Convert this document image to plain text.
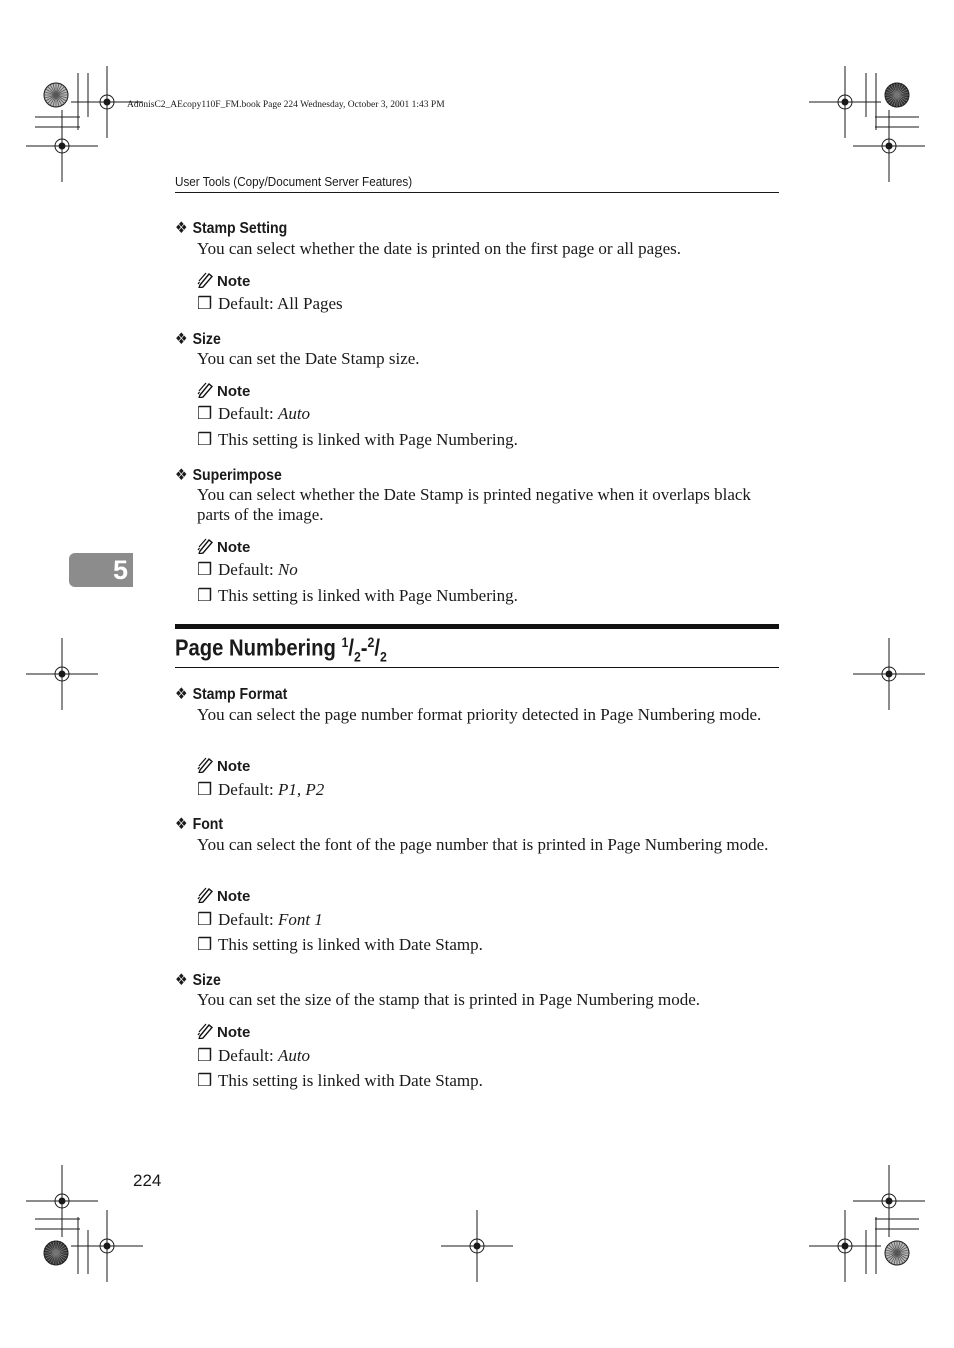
AdonisC2_AEcopy110F_FM.book Page 224 Wednesday, October 3, 2001 1:43 PM
User Tools (Copy/Document Server Features)
5
❖ Stamp Setting
You can select whether the date is printed on the first page or all pages.
Note
❒ Default: All Pages
❖ Size
You can set the Date Stamp size.
Note
❒ Default: Auto
❒ This setting is linked with Page Numbering.
❖ Superimpose
You can select whether the Date Stamp is printed negative when it overlaps black parts of the image.
Note
❒ Default: No
❒ This setting is linked with Page Numbering.
Page Numbering $^1/_2-^2/_2$
❖ Stamp Format
You can select the page number format priority detected in Page Numbering mode.
Note
❒ Default: P1, P2
❖ Font
You can select the font of the page number that is printed in Page Numbering mode.
Note
❒ Default: Font 1
❒ This setting is linked with Date Stamp.
❖ Size
You can set the size of the stamp that is printed in Page Numbering mode.
Note
❒ Default: Auto
❒ This setting is linked with Date Stamp.
224
